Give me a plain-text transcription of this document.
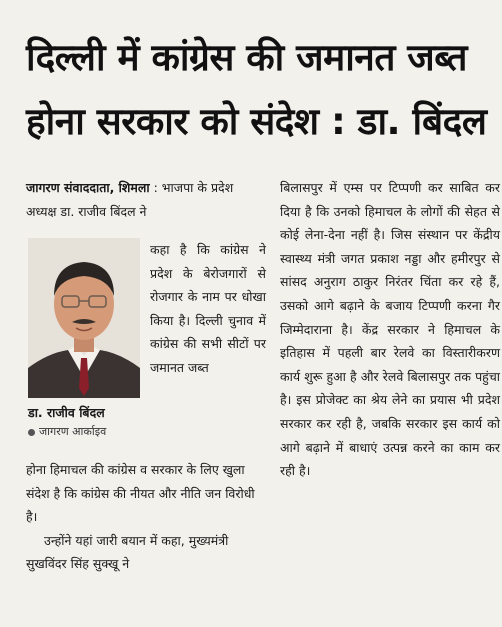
दिल्ली में कांग्रेस की जमानत जब्त
होना सरकार को संदेश : डा. बिंदल
जागरण संवाददाता, शिमला : भाजपा के प्रदेश अध्यक्ष डा. राजीव बिंदल ने
डा. राजीव बिंदल
जागरण आर्काइव
कहा है कि कांग्रेस ने प्रदेश के बेरोजगारों से रोजगार के नाम पर धोखा किया है। दिल्ली चुनाव में कांग्रेस की सभी सीटों पर जमानत जब्त

होना हिमाचल की कांग्रेस व सरकार के लिए खुला संदेश है कि कांग्रेस की नीयत और नीति जन विरोधी है।

उन्होंने यहां जारी बयान में कहा, मुख्यमंत्री सुखविंदर सिंह सुक्खू ने

बिलासपुर में एम्स पर टिप्पणी कर साबित कर दिया है कि उनको हिमाचल के लोगों की सेहत से कोई लेना-देना नहीं है। जिस संस्थान पर केंद्रीय स्वास्थ्य मंत्री जगत प्रकाश नड्डा और हमीरपुर से सांसद अनुराग ठाकुर निरंतर चिंता कर रहे हैं, उसको आगे बढ़ाने के बजाय टिप्पणी करना गैर जिम्मेदाराना है। केंद्र सरकार ने हिमाचल के इतिहास में पहली बार रेलवे का विस्तारीकरण कार्य शुरू हुआ है और रेलवे बिलासपुर तक पहुंचा है। इस प्रोजेक्ट का श्रेय लेने का प्रयास भी प्रदेश सरकार कर रही है, जबकि सरकार इस कार्य को आगे बढ़ाने में बाधाएं उत्पन्न करने का काम कर रही है।
